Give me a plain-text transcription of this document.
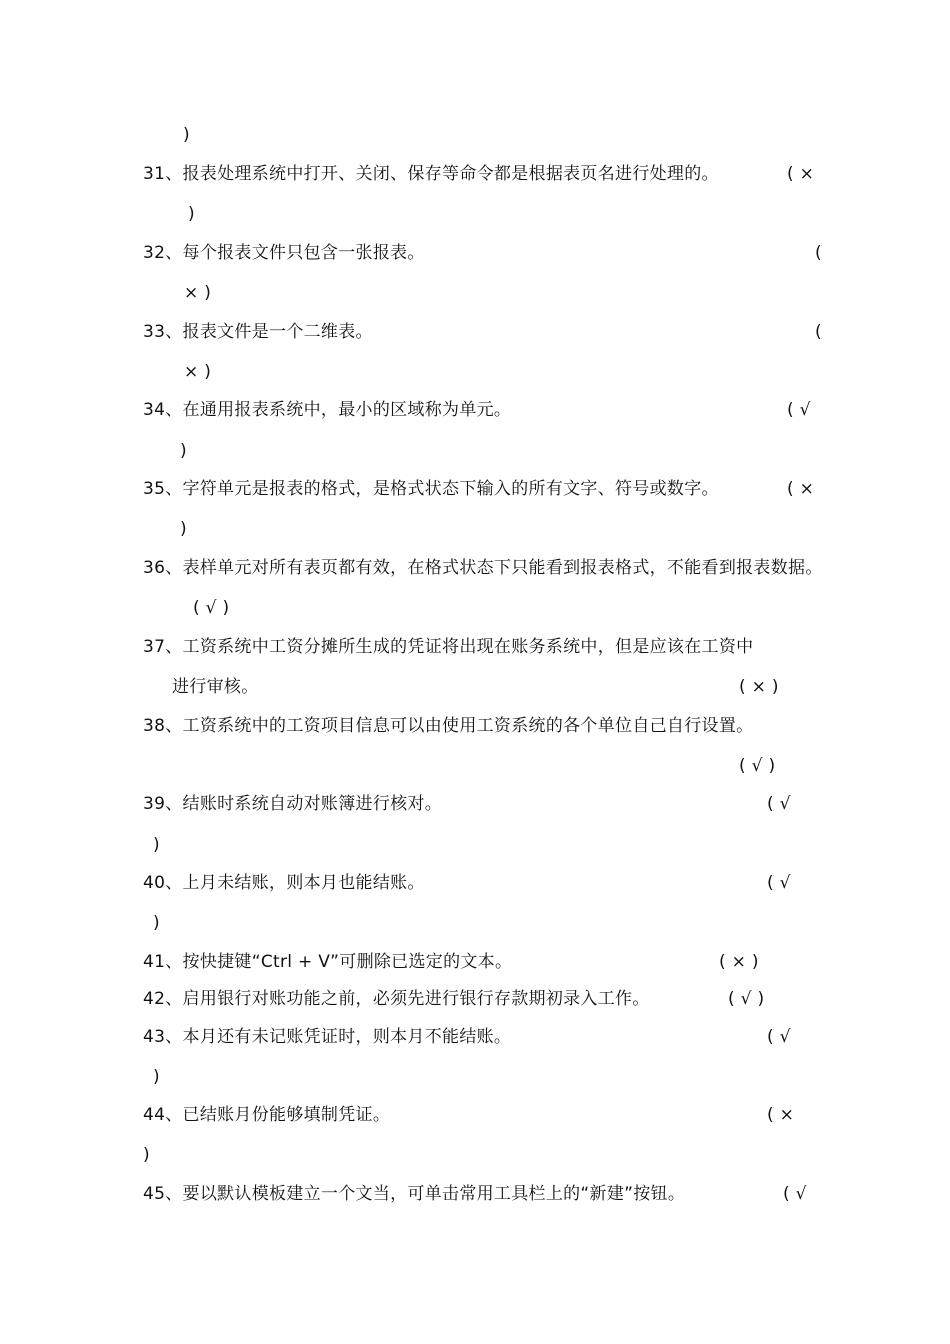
)
31、报表处理系统中打开、关闭、保存等命令都是根据表页名进行处理的。	( ×
)
32、每个报表文件只包含一张报表。	(
× )
33、报表文件是一个二维表。	(
× )
34、在通用报表系统中，最小的区域称为单元。	( √
)
35、字符单元是报表的格式，是格式状态下输入的所有文字、符号或数字。	( ×
)
36、表样单元对所有表页都有效，在格式状态下只能看到报表格式，不能看到报表数据。
( √ )
37、工资系统中工资分摊所生成的凭证将出现在账务系统中，但是应该在工资中
进行审核。	( × )
38、工资系统中的工资项目信息可以由使用工资系统的各个单位自己自行设置。
( √ )
39、结账时系统自动对账簿进行核对。	( √
)
40、上月未结账，则本月也能结账。	( √
)
41、按快捷键“Ctrl + V”可删除已选定的文本。	( × )
42、启用银行对账功能之前，必须先进行银行存款期初录入工作。	( √ )
43、本月还有未记账凭证时，则本月不能结账。	( √
)
44、已结账月份能够填制凭证。	( ×
)
45、要以默认模板建立一个文当，可单击常用工具栏上的“新建”按钮。	( √
